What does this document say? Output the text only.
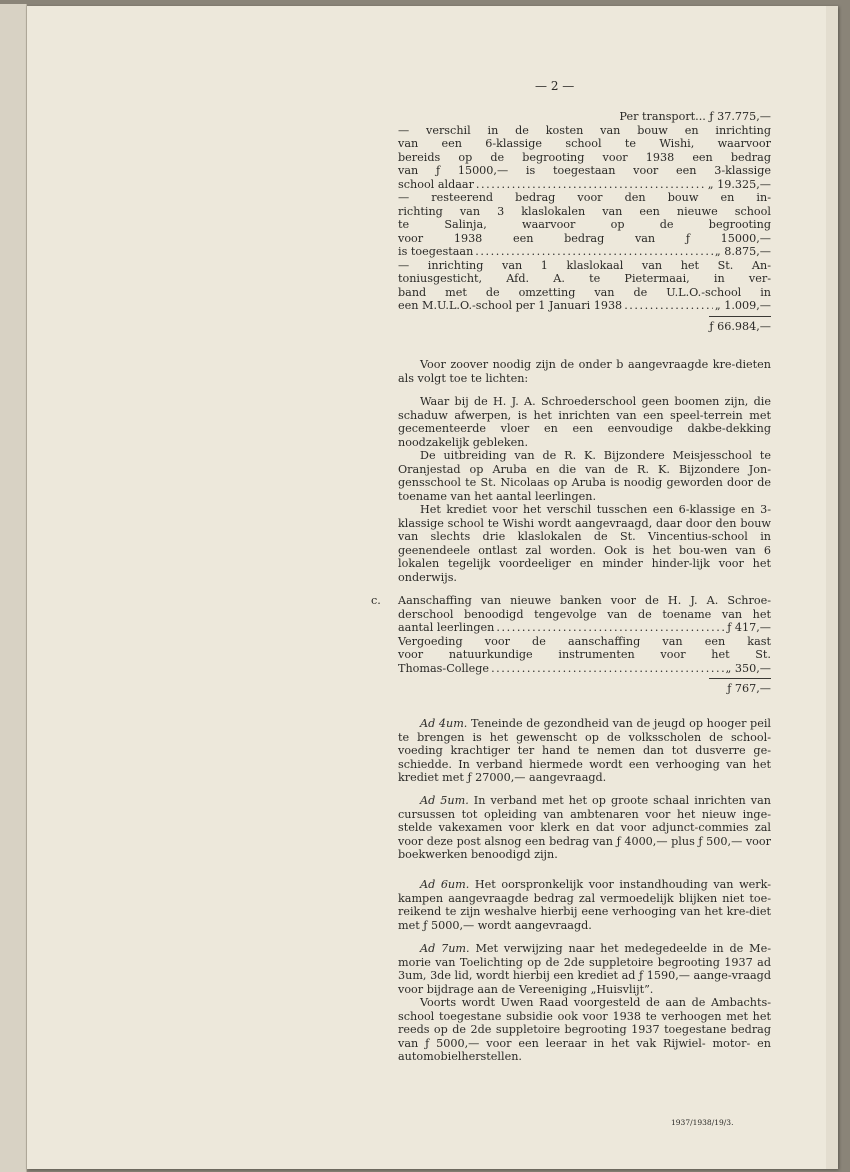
— 2 —
Per transport... ƒ 37.775,—
— verschil in de kosten van bouw en inrichting
van een 6-klassige school te Wishi, waarvoor
bereids op de begrooting voor 1938 een bedrag
van ƒ 15000,— is toegestaan voor een 3-klassige
school aldaar . . .	„ 19.325,—
— resteerend bedrag voor den bouw en in-
richting van 3 klaslokalen van een nieuwe school
te Salinja, waarvoor op de begrooting
voor 1938 een bedrag van ƒ 15000,—
is toegestaan . . .	„ 8.875,—
— inrichting van 1 klaslokaal van het St. An-
toniusgesticht, Afd. A. te Pietermaai, in ver-
band met de omzetting van de U.L.O.-school in
een M.U.L.O.-school per 1 Januari 1938 . . .	„ 1.009,—
ƒ 66.984,—
Voor zoover noodig zijn de onder b aangevraagde kre-dieten als volgt toe te lichten:
Waar bij de H. J. A. Schroederschool geen boomen zijn, die schaduw afwerpen, is het inrichten van een speel-terrein met gecementeerde vloer en een eenvoudige dakbe-dekking noodzakelijk gebleken.
De uitbreiding van de R. K. Bijzondere Meisjesschool te Oranjestad op Aruba en die van de R. K. Bijzondere Jon-gensschool te St. Nicolaas op Aruba is noodig geworden door de toename van het aantal leerlingen.
Het krediet voor het verschil tusschen een 6-klassige en 3-klassige school te Wishi wordt aangevraagd, daar door den bouw van slechts drie klaslokalen de St. Vincentius-school in geenendeele ontlast zal worden. Ook is het bou-wen van 6 lokalen tegelijk voordeeliger en minder hinder-lijk voor het onderwijs.
c. Aanschaffing van nieuwe banken voor de H. J. A. Schroe-
derschool benoodigd tengevolge van de toename van het
aantal leerlingen . . .	ƒ 417,—
Vergoeding voor de aanschaffing van een kast
voor natuurkundige instrumenten voor het St.
Thomas-College . . .	„ 350,—
ƒ 767,—
Ad 4um. Teneinde de gezondheid van de jeugd op hooger peil te brengen is het gewenscht op de volksscholen de school-voeding krachtiger ter hand te nemen dan tot dusverre ge-schiedde. In verband hiermede wordt een verhooging van het krediet met ƒ 27000,— aangevraagd.
Ad 5um. In verband met het op groote schaal inrichten van cursussen tot opleiding van ambtenaren voor het nieuw inge-stelde vakexamen voor klerk en dat voor adjunct-commies zal voor deze post alsnog een bedrag van ƒ 4000,— plus ƒ 500,— voor boekwerken benoodigd zijn.
Ad 6um. Het oorspronkelijk voor instandhouding van werk-kampen aangevraagde bedrag zal vermoedelijk blijken niet toe-reikend te zijn weshalve hierbij eene verhooging van het kre-diet met ƒ 5000,— wordt aangevraagd.
Ad 7um. Met verwijzing naar het medegedeelde in de Me-morie van Toelichting op de 2de suppletoire begrooting 1937 ad 3um, 3de lid, wordt hierbij een krediet ad ƒ 1590,— aange-vraagd voor bijdrage aan de Vereeniging „Huisvlijt”.
Voorts wordt Uwen Raad voorgesteld de aan de Ambachts-school toegestane subsidie ook voor 1938 te verhoogen met het reeds op de 2de suppletoire begrooting 1937 toegestane bedrag van ƒ 5000,— voor een leeraar in het vak Rijwiel- motor- en automobielherstellen.
1937/1938/19/3.
